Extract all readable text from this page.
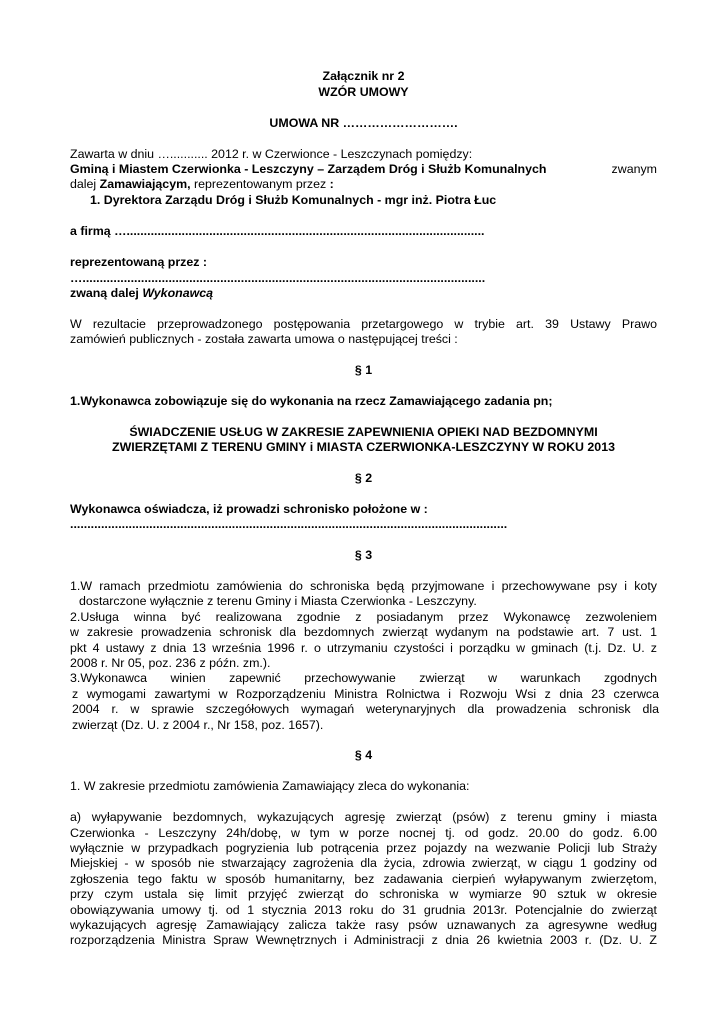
Załącznik nr 2

WZÓR UMOWY

UMOWA NR ……………………….

Zawarta w dniu …........... 2012 r. w Czerwionce - Leszczynach pomiędzy:

Gminą i Miastem Czerwionka - Leszczyny – Zarządem Dróg i Służb Komunalnych	zwanym

dalej Zamawiającym, reprezentowanym przez :

1. Dyrektora Zarządu Dróg i Służb Komunalnych - mgr inż. Piotra Łuc

a firmą …........................................................................................................

reprezentowaną przez :

….....................................................................................................................

zwaną dalej Wykonawcą

W rezultacie przeprowadzonego postępowania przetargowego w trybie art. 39 Ustawy Prawo

zamówień publicznych - została zawarta umowa o następującej treści :

§ 1

1.Wykonawca zobowiązuje się do wykonania na rzecz Zamawiającego zadania pn;

ŚWIADCZENIE USŁUG W ZAKRESIE ZAPEWNIENIA OPIEKI NAD BEZDOMNYMI

ZWIERZĘTAMI Z TERENU GMINY i MIASTA CZERWIONKA-LESZCZYNY W ROKU 2013

§ 2

Wykonawca oświadcza, iż prowadzi schronisko położone w :

...............................................................................................................................

§ 3

1.W ramach przedmiotu zamówienia do schroniska będą przyjmowane i przechowywane psy i koty

dostarczone wyłącznie z terenu Gminy i Miasta Czerwionka - Leszczyny.

2.Usługa winna być realizowana zgodnie z posiadanym przez Wykonawcę zezwoleniem

w zakresie prowadzenia schronisk dla bezdomnych zwierząt wydanym na podstawie art. 7 ust. 1

pkt 4 ustawy z dnia 13 września 1996 r. o utrzymaniu czystości i porządku w gminach (t.j. Dz. U. z

2008 r. Nr 05, poz. 236 z późn. zm.).

3.Wykonawca winien zapewnić przechowywanie zwierząt w warunkach zgodnych

z wymogami zawartymi w Rozporządzeniu Ministra Rolnictwa i Rozwoju Wsi z dnia 23 czerwca

2004 r. w sprawie szczegółowych wymagań weterynaryjnych dla prowadzenia schronisk dla

zwierząt (Dz. U. z 2004 r., Nr 158, poz. 1657).

§ 4

1. W zakresie przedmiotu zamówienia Zamawiający zleca do wykonania:

a) wyłapywanie bezdomnych, wykazujących agresję zwierząt (psów) z terenu gminy i miasta

Czerwionka - Leszczyny 24h/dobę, w tym w porze nocnej tj. od godz. 20.00 do godz. 6.00

wyłącznie w przypadkach pogryzienia lub potrącenia przez pojazdy na wezwanie Policji lub Straży

Miejskiej - w sposób nie stwarzający zagrożenia dla życia, zdrowia zwierząt, w ciągu 1 godziny od

zgłoszenia tego faktu w sposób humanitarny, bez zadawania cierpień wyłapywanym zwierzętom,

przy czym ustala się limit przyjęć zwierząt do schroniska w wymiarze 90 sztuk w okresie

obowiązywania umowy tj. od 1 stycznia 2013 roku do 31 grudnia 2013r. Potencjalnie do zwierząt

wykazujących agresję Zamawiający zalicza także rasy psów uznawanych za agresywne według

rozporządzenia Ministra Spraw Wewnętrznych i Administracji z dnia 26 kwietnia 2003 r. (Dz. U. Z
